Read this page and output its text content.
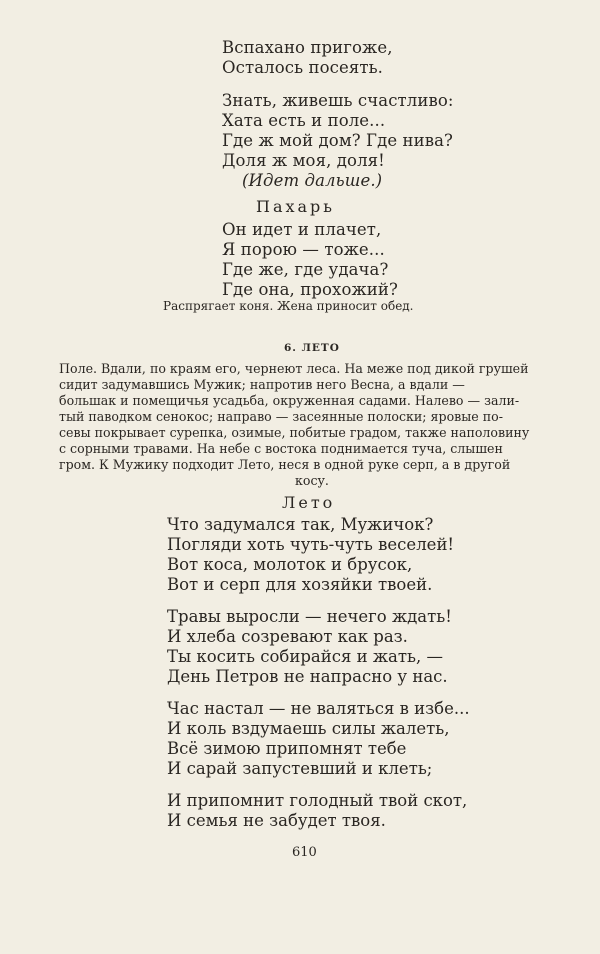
Вспахано пригоже,
Осталось посеять.
Знать, живешь счастливо:
Хата есть и поле...
Где ж мой дом? Где нива?
Доля ж моя, доля!
(Идет дальше.)
Пахарь
Он идет и плачет,
Я порою — тоже...
Где же, где удача?
Где она, прохожий?
Распрягает коня. Жена приносит обед.
6. ЛЕТО
Поле. Вдали, по краям его, чернеют леса. На меже под дикой грушей
сидит задумавшись Мужик; напротив него Весна, а вдали —
большак и помещичья усадьба, окруженная садами. Налево — зали-
тый паводком сенокос; направо — засеянные полоски; яровые по-
севы покрывает сурепка, озимые, побитые градом, также наполовину
с сорными травами. На небе с востока поднимается туча, слышен
гром. К Мужику подходит Лето, неся в одной руке серп, а в другой
косу.
Лето
Что задумался так, Мужичок?
Погляди хоть чуть-чуть веселей!
Вот коса, молоток и брусок,
Вот и серп для хозяйки твоей.
Травы выросли — нечего ждать!
И хлеба созревают как раз.
Ты косить собирайся и жать, —
День Петров не напрасно у нас.
Час настал — не валяться в избе...
И коль вздумаешь силы жалеть,
Всё зимою припомнят тебе
И сарай запустевший и клеть;
И припомнит голодный твой скот,
И семья не забудет твоя.
610
